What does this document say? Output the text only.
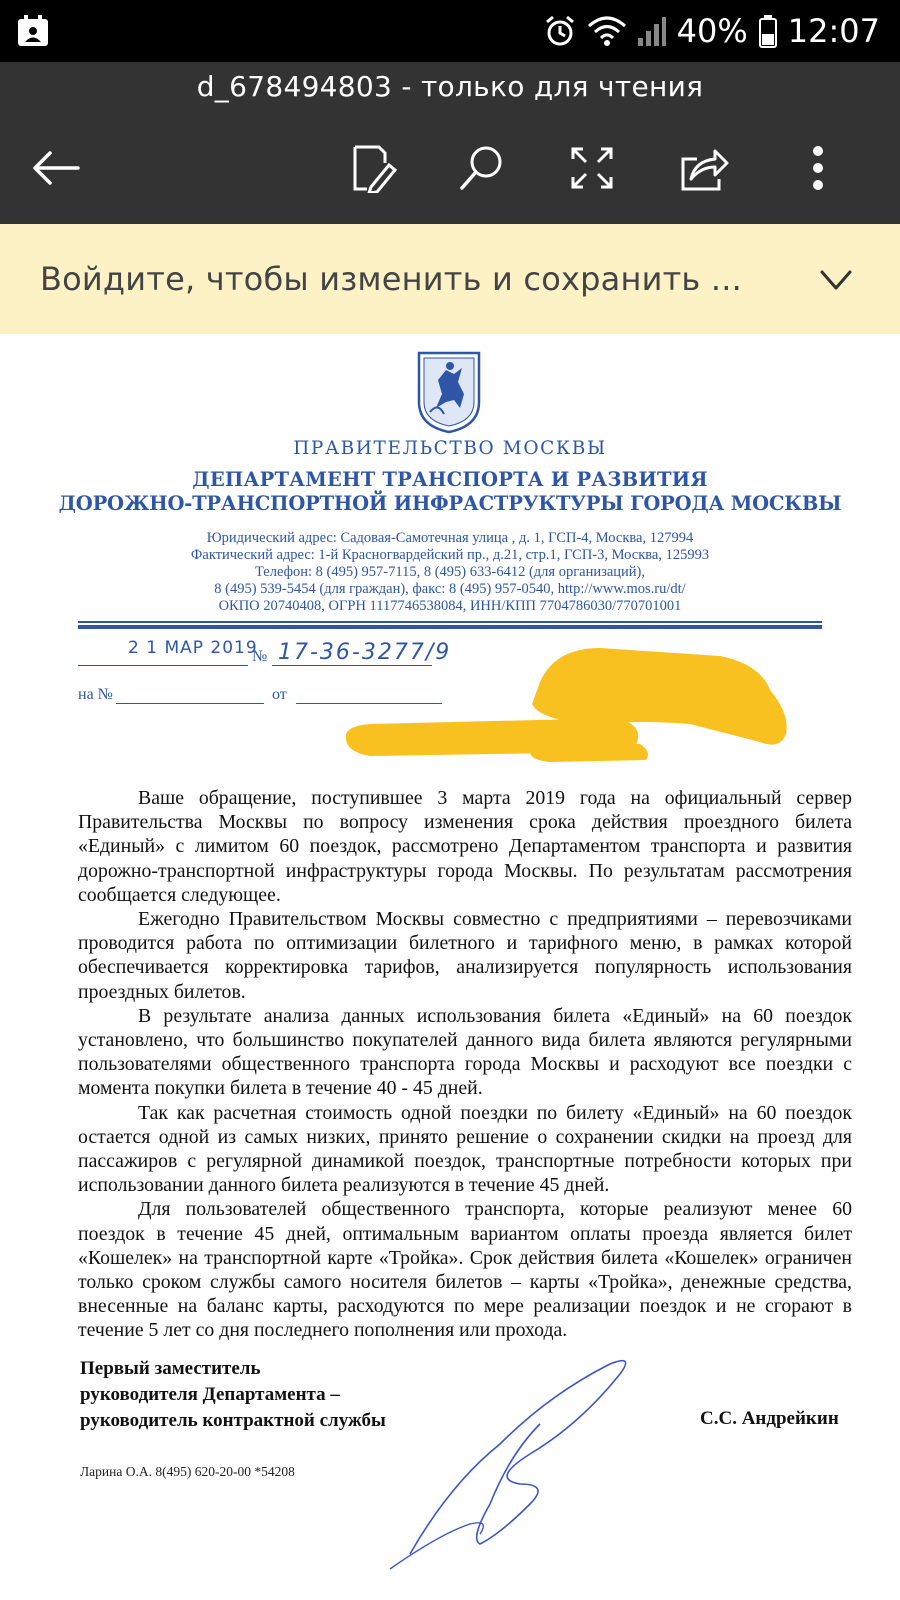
40% 12:07
d_678494803 - только для чтения
Войдите, чтобы изменить и сохранить ...
ПРАВИТЕЛЬСТВО МОСКВЫ
ДЕПАРТАМЕНТ ТРАНСПОРТА И РАЗВИТИЯ
ДОРОЖНО-ТРАНСПОРТНОЙ ИНФРАСТРУКТУРЫ ГОРОДА МОСКВЫ
Юридический адрес: Садовая-Самотечная улица , д. 1, ГСП-4, Москва, 127994
Фактический адрес: 1-й Красногвардейский пр., д.21, стр.1, ГСП-3, Москва, 125993
Телефон: 8 (495) 957-7115, 8 (495) 633-6412 (для организаций),
8 (495) 539-5454 (для граждан), факс: 8 (495) 957-0540, http://www.mos.ru/dt/
ОКПО 20740408, ОГРН 1117746538084, ИНН/КПП 7704786030/770701001
2 1 МАР 2019
№ 17-36-3277/9
на №	от

Ваше обращение, поступившее 3 марта 2019 года на официальный сервер Правительства Москвы по вопросу изменения срока действия проездного билета «Единый» с лимитом 60 поездок, рассмотрено Департаментом транспорта и развития дорожно-транспортной инфраструктуры города Москвы. По результатам рассмотрения сообщается следующее.

Ежегодно Правительством Москвы совместно с предприятиями – перевозчиками проводится работа по оптимизации билетного и тарифного меню, в рамках которой обеспечивается корректировка тарифов, анализируется популярность использования проездных билетов.

В результате анализа данных использования билета «Единый» на 60 поездок установлено, что большинство покупателей данного вида билета являются регулярными пользователями общественного транспорта города Москвы и расходуют все поездки с момента покупки билета в течение 40 - 45 дней.

Так как расчетная стоимость одной поездки по билету «Единый» на 60 поездок остается одной из самых низких, принято решение о сохранении скидки на проезд для пассажиров с регулярной динамикой поездок, транспортные потребности которых при использовании данного билета реализуются в течение 45 дней.

Для пользователей общественного транспорта, которые реализуют менее 60 поездок в течение 45 дней, оптимальным вариантом оплаты проезда является билет «Кошелек» на транспортной карте «Тройка». Срок действия билета «Кошелек» ограничен только сроком службы самого носителя билетов – карты «Тройка», денежные средства, внесенные на баланс карты, расходуются по мере реализации поездок и не сгорают в течение 5 лет со дня последнего пополнения или прохода.

Первый заместитель
руководителя Департамента –
руководитель контрактной службы	С.С. Андрейкин
Ларина О.А. 8(495) 620-20-00 *54208
